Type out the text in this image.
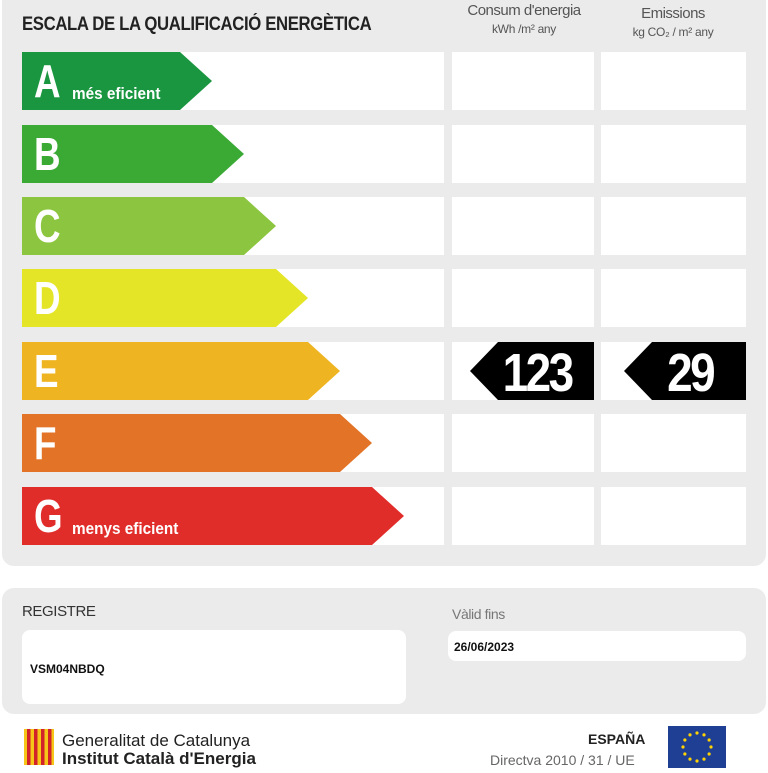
ESCALA DE LA QUALIFICACIÓ ENERGÈTICA
Consum d'energia
kWh /m² any
Emissions
kg CO₂ / m² any
A més eficient
B
C
D
E	123	29
F
G menys eficient
REGISTRE
VSM04NBDQ
Vàlid fins
26/06/2023
Generalitat de Catalunya
Institut Català d'Energia
ESPAÑA
Directva 2010 / 31 / UE
